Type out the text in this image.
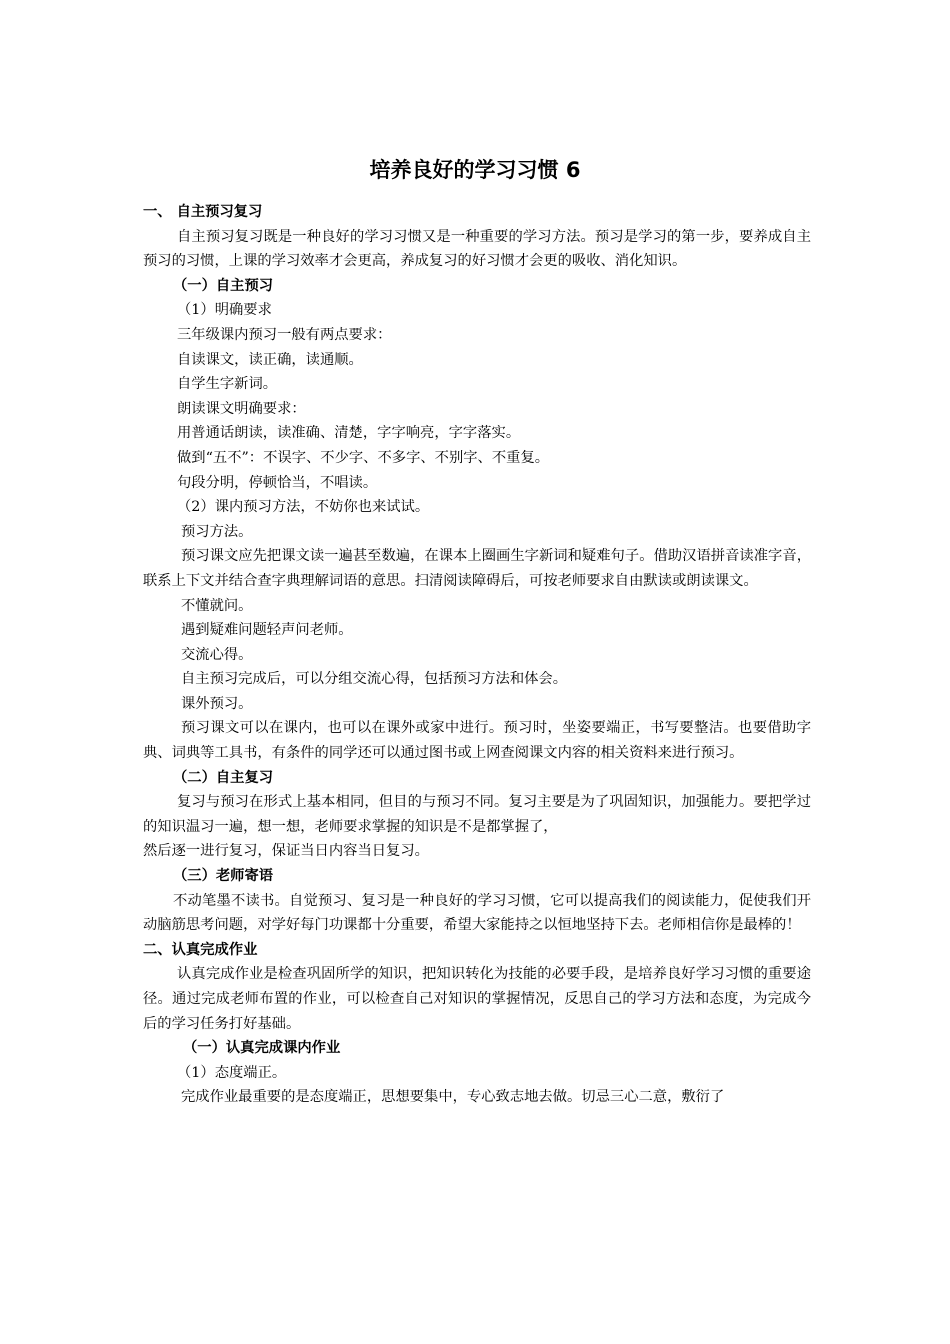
培养良好的学习习惯 6

一、 自主预习复习

自主预习复习既是一种良好的学习习惯又是一种重要的学习方法。预习是学习的第一步，要养成自主预习的习惯，上课的学习效率才会更高，养成复习的好习惯才会更的吸收、消化知识。

（一）自主预习

（1）明确要求

三年级课内预习一般有两点要求：

自读课文，读正确，读通顺。

自学生字新词。

朗读课文明确要求：

用普通话朗读，读准确、清楚，字字响亮，字字落实。

做到“五不”：不误字、不少字、不多字、不别字、不重复。

句段分明，停顿恰当，不唱读。

（2）课内预习方法，不妨你也来试试。

预习方法。

预习课文应先把课文读一遍甚至数遍，在课本上圈画生字新词和疑难句子。借助汉语拼音读准字音，联系上下文并结合查字典理解词语的意思。扫清阅读障碍后，可按老师要求自由默读或朗读课文。

不懂就问。

遇到疑难问题轻声问老师。

交流心得。

自主预习完成后，可以分组交流心得，包括预习方法和体会。

课外预习。

预习课文可以在课内，也可以在课外或家中进行。预习时，坐姿要端正，书写要整洁。也要借助字典、词典等工具书，有条件的同学还可以通过图书或上网查阅课文内容的相关资料来进行预习。

（二）自主复习

复习与预习在形式上基本相同，但目的与预习不同。复习主要是为了巩固知识，加强能力。要把学过的知识温习一遍，想一想，老师要求掌握的知识是不是都掌握了，

然后逐一进行复习，保证当日内容当日复习。

（三）老师寄语

不动笔墨不读书。自觉预习、复习是一种良好的学习习惯，它可以提高我们的阅读能力，促使我们开动脑筋思考问题，对学好每门功课都十分重要，希望大家能持之以恒地坚持下去。老师相信你是最棒的！

二、认真完成作业

认真完成作业是检查巩固所学的知识，把知识转化为技能的必要手段，是培养良好学习习惯的重要途径。通过完成老师布置的作业，可以检查自己对知识的掌握情况，反思自己的学习方法和态度，为完成今后的学习任务打好基础。

（一）认真完成课内作业

（1）态度端正。

完成作业最重要的是态度端正，思想要集中，专心致志地去做。切忌三心二意，敷衍了
